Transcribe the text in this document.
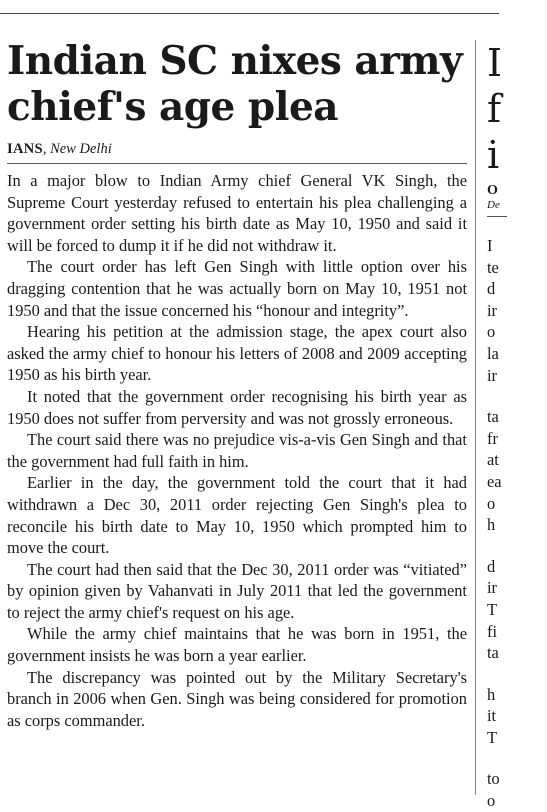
Indian SC nixes army chief's age plea
IANS, New Delhi

In a major blow to Indian Army chief General VK Singh, the Supreme Court yesterday refused to entertain his plea challenging a government order setting his birth date as May 10, 1950 and said it will be forced to dump it if he did not withdraw it.

The court order has left Gen Singh with little option over his dragging contention that he was actually born on May 10, 1951 not 1950 and that the issue concerned his “honour and integrity”.

Hearing his petition at the admission stage, the apex court also asked the army chief to honour his letters of 2008 and 2009 accepting 1950 as his birth year.

It noted that the government order recognising his birth year as 1950 does not suffer from perversity and was not grossly erroneous.

The court said there was no prejudice vis-a-vis Gen Singh and that the government had full faith in him.

Earlier in the day, the government told the court that it had withdrawn a Dec 30, 2011 order rejecting Gen Singh's plea to reconcile his birth date to May 10, 1950 which prompted him to move the court.

The court had then said that the Dec 30, 2011 order was “vitiated” by opinion given by Vahanvati in July 2011 that led the government to reject the army chief's request on his age.

While the army chief maintains that he was born in 1951, the government insists he was born a year earlier.

The discrepancy was pointed out by the Military Secretary's branch in 2006 when Gen. Singh was being considered for promotion as corps commander.

I
f
i
O
De
I
te
d
ir
o
la
ir
ta
fr
at
ea
o
h
d
ir
T
fi
ta
h
it
T
to
o
